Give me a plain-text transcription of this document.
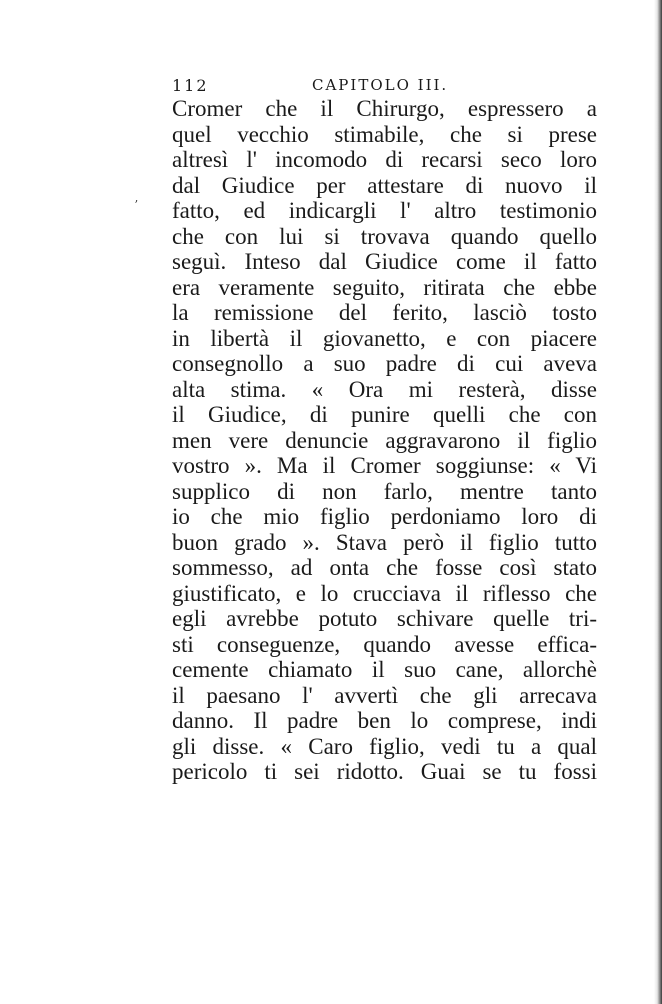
112	CAPITOLO III.
ʼ
Cromer che il Chirurgo, espressero a
quel vecchio stimabile, che si prese
altresì l' incomodo di recarsi seco loro
dal Giudice per attestare di nuovo il
fatto, ed indicargli l' altro testimonio
che con lui si trovava quando quello
seguì. Inteso dal Giudice come il fatto
era veramente seguito, ritirata che ebbe
la remissione del ferito, lasciò tosto
in libertà il giovanetto, e con piacere
consegnollo a suo padre di cui aveva
alta stima. « Ora mi resterà, disse
il Giudice, di punire quelli che con
men vere denuncie aggravarono il figlio
vostro ». Ma il Cromer soggiunse: « Vi
supplico di non farlo, mentre tanto
io che mio figlio perdoniamo loro di
buon grado ». Stava però il figlio tutto
sommesso, ad onta che fosse così stato
giustificato, e lo crucciava il riflesso che
egli avrebbe potuto schivare quelle tri-
sti conseguenze, quando avesse effica-
cemente chiamato il suo cane, allorchè
il paesano l' avvertì che gli arrecava
danno. Il padre ben lo comprese, indi
gli disse. « Caro figlio, vedi tu a qual
pericolo ti sei ridotto. Guai se tu fossi
